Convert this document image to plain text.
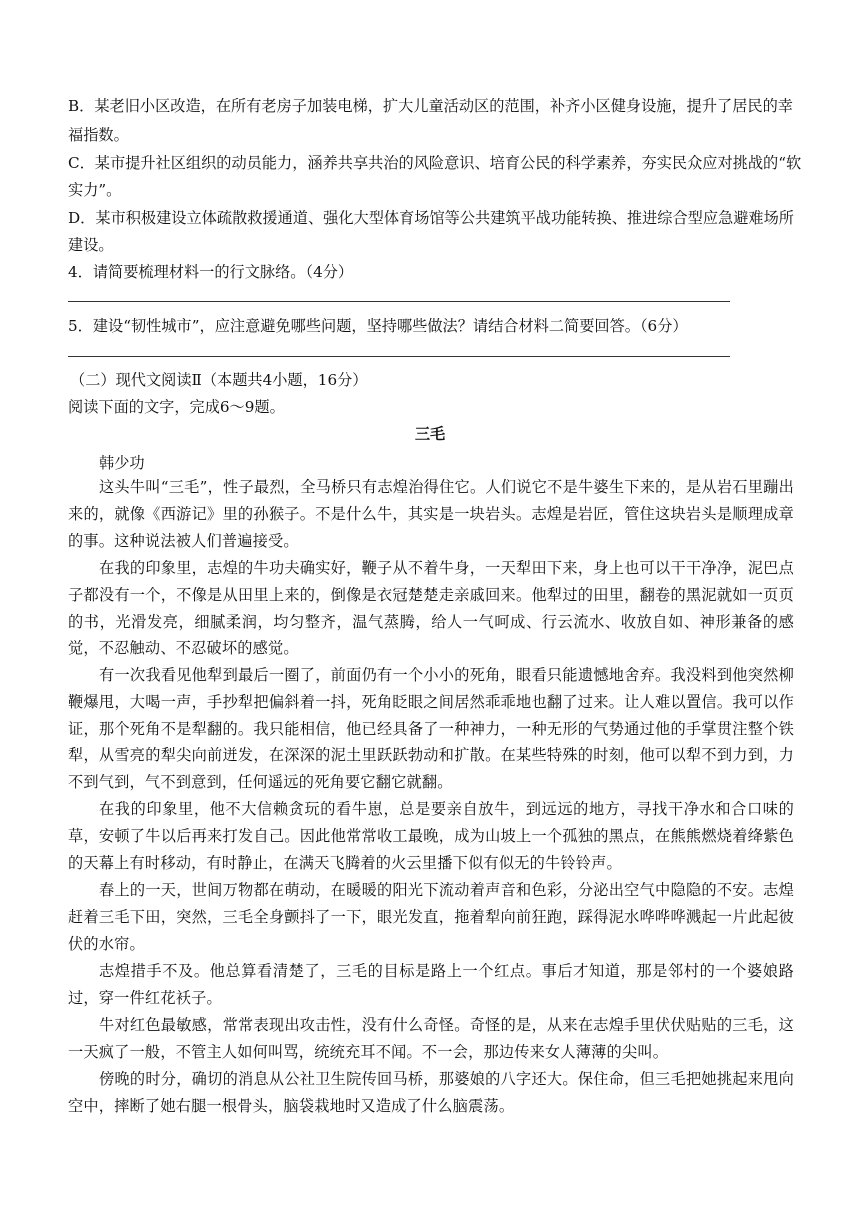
B．某老旧小区改造，在所有老房子加装电梯，扩大儿童活动区的范围，补齐小区健身设施，提升了居民的幸
福指数。
C．某市提升社区组织的动员能力，涵养共享共治的风险意识、培育公民的科学素养，夯实民众应对挑战的“软
实力”。
D．某市积极建设立体疏散救援通道、强化大型体育场馆等公共建筑平战功能转换、推进综合型应急避难场所
建设。
4．请简要梳理材料一的行文脉络。（4分）
5．建设“韧性城市”，应注意避免哪些问题，坚持哪些做法？请结合材料二简要回答。（6分）
（二）现代文阅读Ⅱ（本题共4小题，16分）
阅读下面的文字，完成6～9题。
三毛
韩少功
这头牛叫“三毛”，性子最烈，全马桥只有志煌治得住它。人们说它不是牛婆生下来的，是从岩石里蹦出来的，就像《西游记》里的孙猴子。不是什么牛，其实是一块岩头。志煌是岩匠，管住这块岩头是顺理成章的事。这种说法被人们普遍接受。
在我的印象里，志煌的牛功夫确实好，鞭子从不着牛身，一天犁田下来，身上也可以干干净净，泥巴点子都没有一个，不像是从田里上来的，倒像是衣冠楚楚走亲戚回来。他犁过的田里，翻卷的黑泥就如一页页的书，光滑发亮，细腻柔润，均匀整齐，温气蒸腾，给人一气呵成、行云流水、收放自如、神形兼备的感觉，不忍触动、不忍破坏的感觉。
有一次我看见他犁到最后一圈了，前面仍有一个小小的死角，眼看只能遗憾地舍弃。我没料到他突然柳鞭爆甩，大喝一声，手抄犁把偏斜着一抖，死角眨眼之间居然乖乖地也翻了过来。让人难以置信。我可以作证，那个死角不是犁翻的。我只能相信，他已经具备了一种神力，一种无形的气势通过他的手掌贯注整个铁犁，从雪亮的犁尖向前迸发，在深深的泥土里跃跃勃动和扩散。在某些特殊的时刻，他可以犁不到力到，力不到气到，气不到意到，任何遥远的死角要它翻它就翻。
在我的印象里，他不大信赖贪玩的看牛崽，总是要亲自放牛，到远远的地方，寻找干净水和合口味的草，安顿了牛以后再来打发自己。因此他常常收工最晚，成为山坡上一个孤独的黑点，在熊熊燃烧着绛紫色的天幕上有时移动，有时静止，在满天飞腾着的火云里播下似有似无的牛铃铃声。
春上的一天，世间万物都在萌动，在暖暖的阳光下流动着声音和色彩，分泌出空气中隐隐的不安。志煌赶着三毛下田，突然，三毛全身颤抖了一下，眼光发直，拖着犁向前狂跑，踩得泥水哗哗哗溅起一片此起彼伏的水帘。
志煌措手不及。他总算看清楚了，三毛的目标是路上一个红点。事后才知道，那是邻村的一个婆娘路过，穿一件红花袄子。
牛对红色最敏感，常常表现出攻击性，没有什么奇怪。奇怪的是，从来在志煌手里伏伏贴贴的三毛，这一天疯了一般，不管主人如何叫骂，统统充耳不闻。不一会，那边传来女人薄薄的尖叫。
傍晚的时分，确切的消息从公社卫生院传回马桥，那婆娘的八字还大。保住命，但三毛把她挑起来甩向空中，摔断了她右腿一根骨头，脑袋栽地时又造成了什么脑震荡。
